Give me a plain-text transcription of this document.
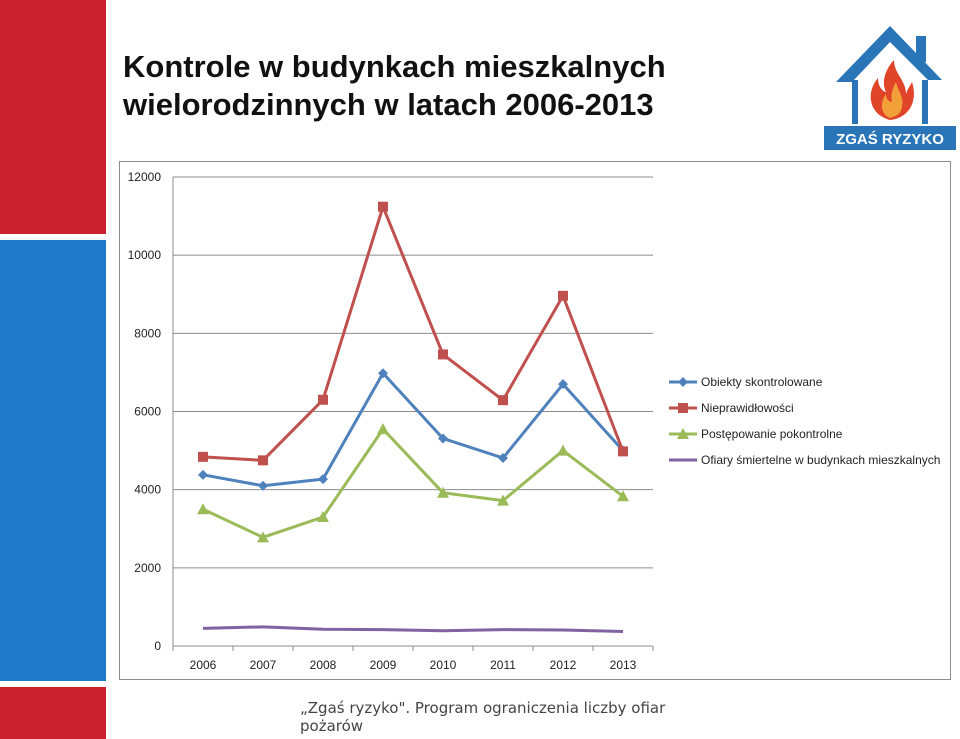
Kontrole w budynkach mieszkalnych
wielorodzinnych w latach 2006-2013
ZGAŚ RYZYKO
0
2000
4000
6000
8000
10000
12000
2006	2007	2008	2009	2010	2011	2012	2013
Obiekty skontrolowane
Nieprawidłowości
Postępowanie pokontrolne
Ofiary śmiertelne w budynkach mieszkalnych
„Zgaś ryzyko". Program ograniczenia liczby ofiar pożarów
